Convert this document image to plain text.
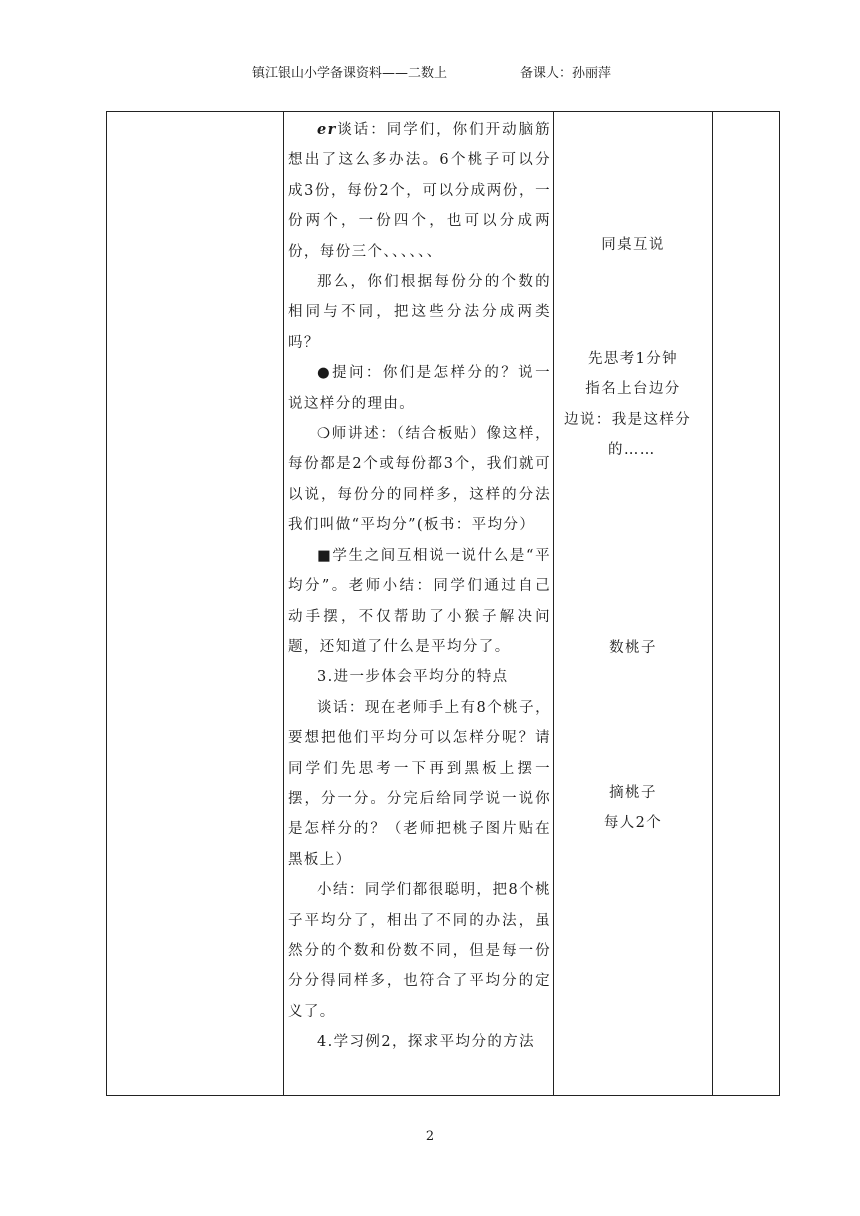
镇江银山小学备课资料——二数上	备课人：孙丽萍

er谈话：同学们，你们开动脑筋想出了这么多办法。6个桃子可以分成3份，每份2个，可以分成两份，一份两个，一份四个，也可以分成两份，每份三个、、、、、、

那么，你们根据每份分的个数的相同与不同，把这些分法分成两类吗？

●提问：你们是怎样分的？说一说这样分的理由。

❍师讲述：（结合板贴）像这样，每份都是2个或每份都3个，我们就可以说，每份分的同样多，这样的分法我们叫做“平均分”(板书：平均分）

■学生之间互相说一说什么是“平均分”。老师小结：同学们通过自己动手摆，不仅帮助了小猴子解决问题，还知道了什么是平均分了。

3.进一步体会平均分的特点

谈话：现在老师手上有8个桃子，要想把他们平均分可以怎样分呢？请同学们先思考一下再到黑板上摆一摆，分一分。分完后给同学说一说你是怎样分的？（老师把桃子图片贴在黑板上）

小结：同学们都很聪明，把8个桃子平均分了，相出了不同的办法，虽然分的个数和份数不同，但是每一份分分得同样多，也符合了平均分的定义了。

4.学习例2，探求平均分的方法

同桌互说

先思考1分钟

指名上台边分

边说：我是这样分

的……

数桃子

摘桃子

每人2个

2
